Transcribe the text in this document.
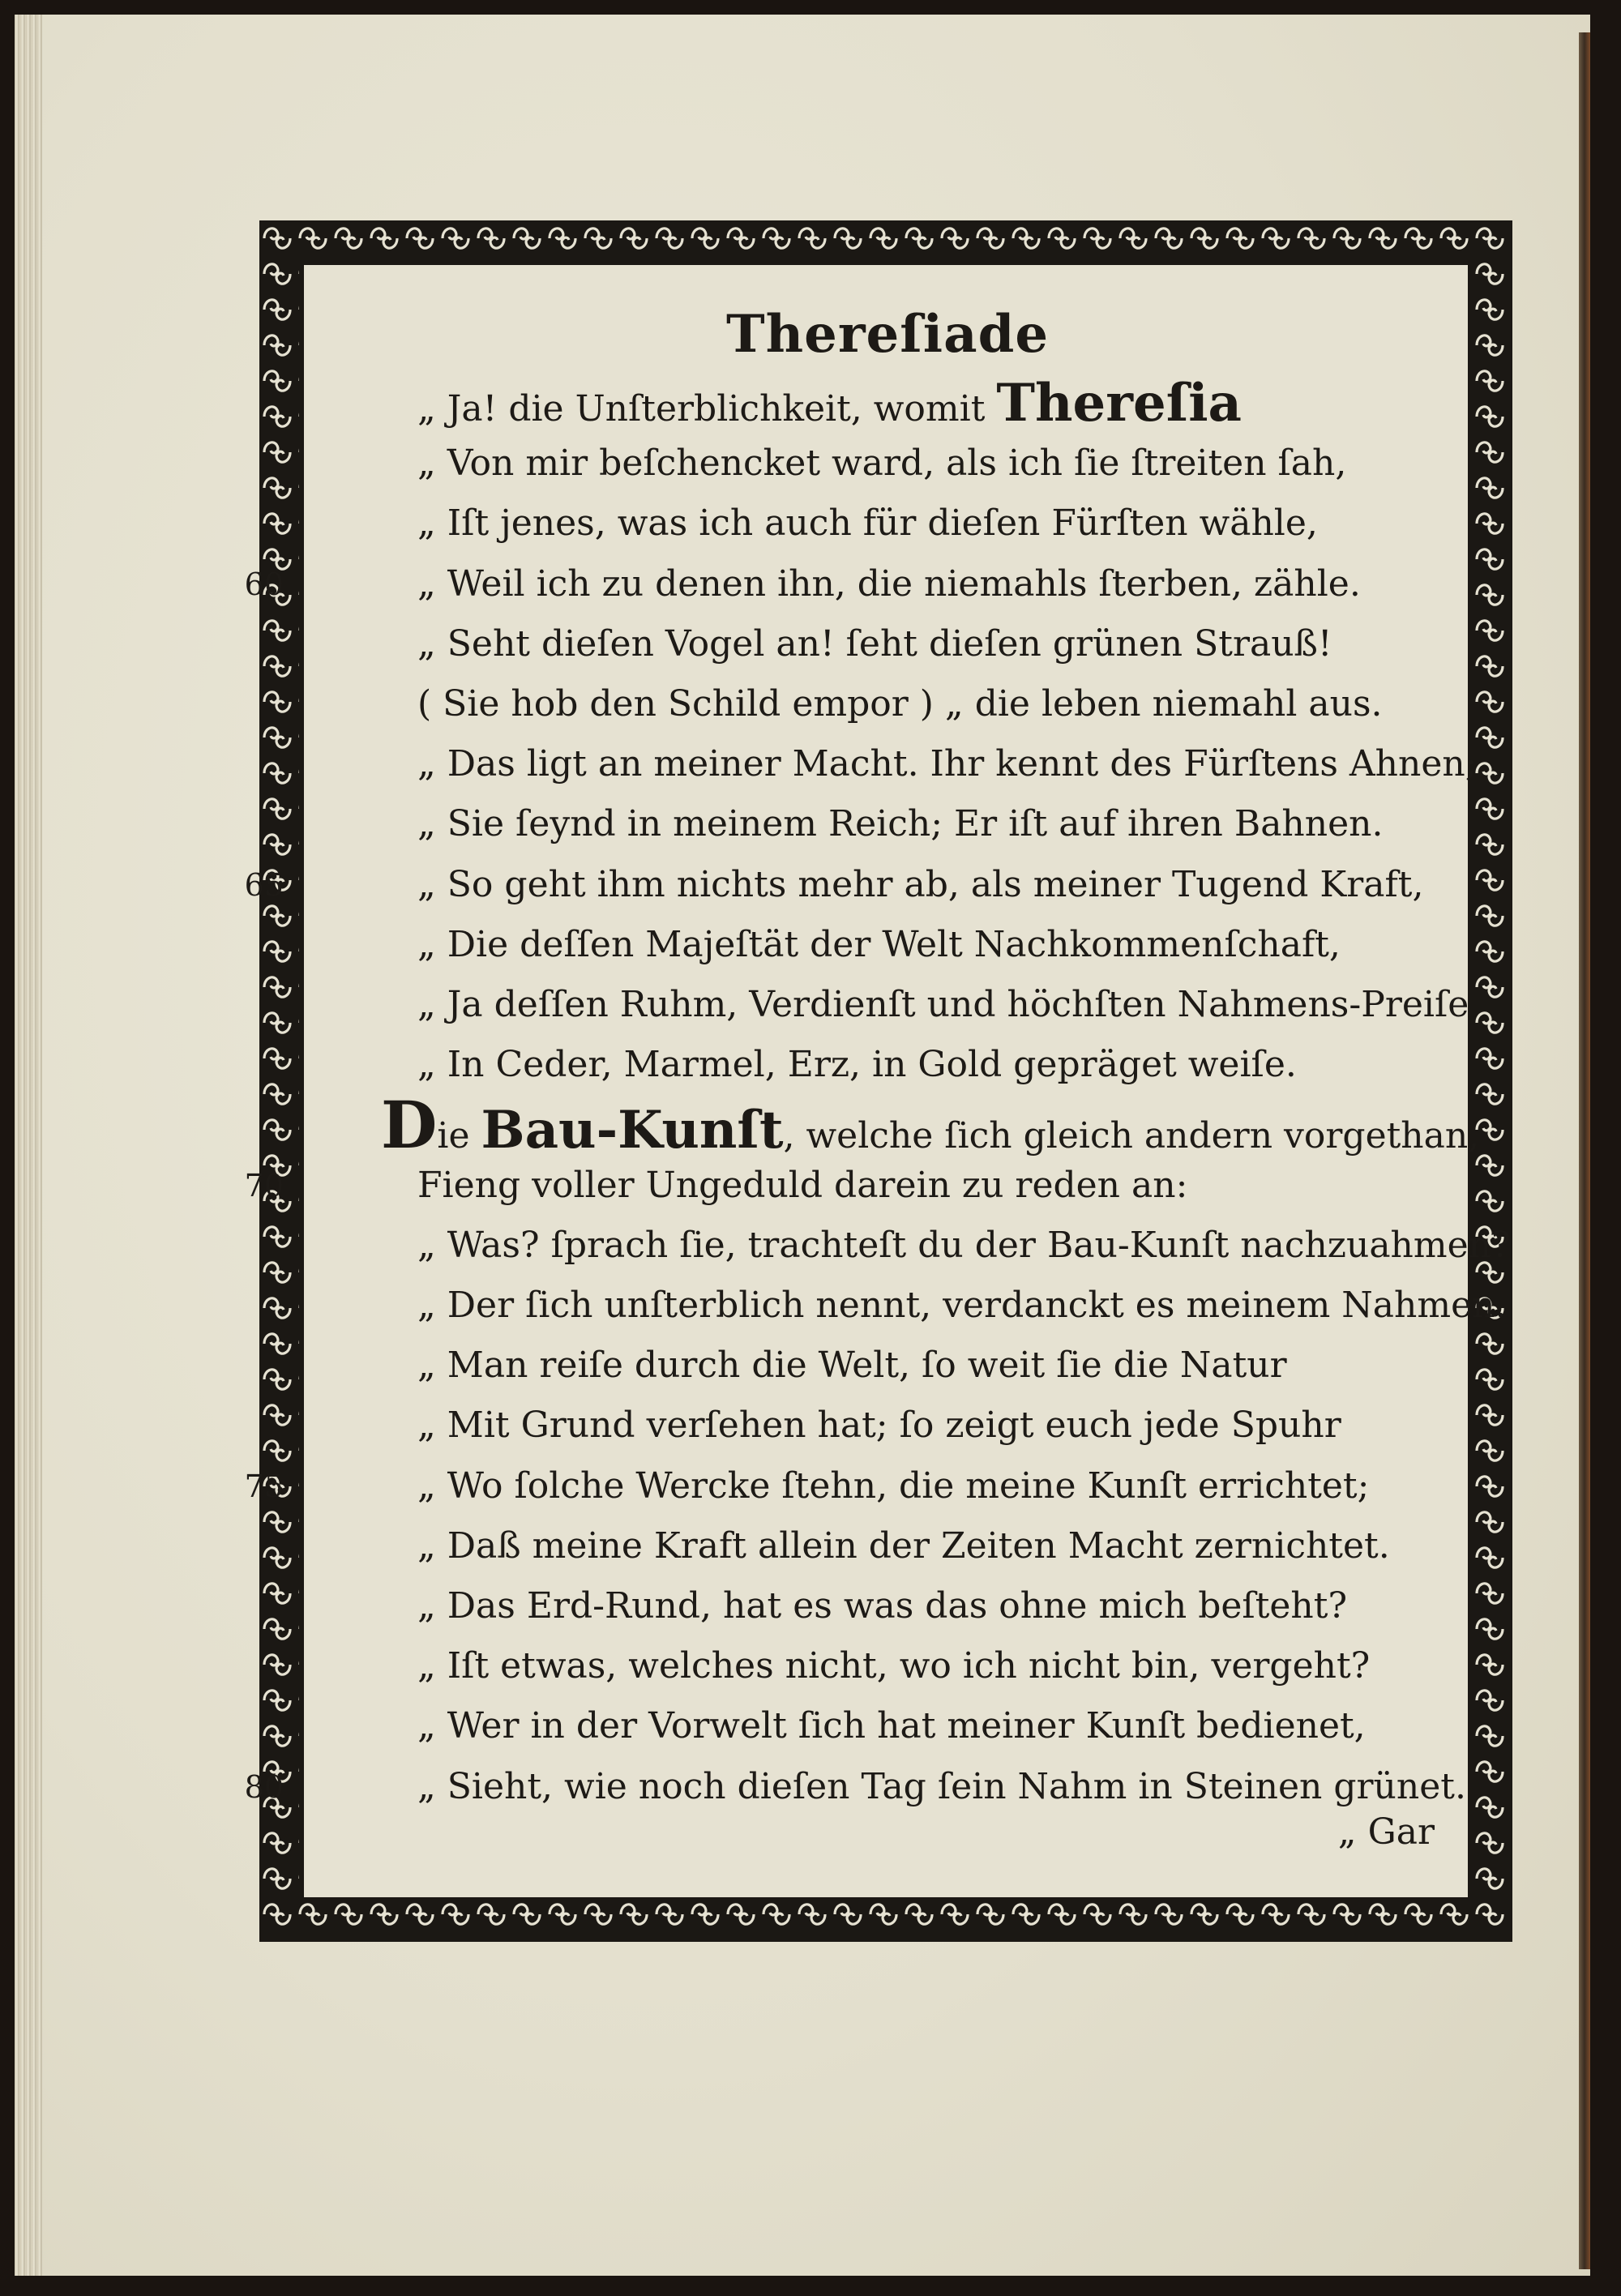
Thereſiade
„ Ja! die Unſterblichkeit, womit Thereſia
„ Von mir beſchencket ward, als ich ſie ſtreiten ſah,
„ Iſt jenes, was ich auch für dieſen Fürſten wähle,
60	„ Weil ich zu denen ihn, die niemahls ſterben, zähle.
„ Seht dieſen Vogel an! ſeht dieſen grünen Strauß!
( Sie hob den Schild empor ) „ die leben niemahl aus.
„ Das ligt an meiner Macht. Ihr kennt des Fürſtens Ahnen;
„ Sie ſeynd in meinem Reich; Er iſt auf ihren Bahnen.
65	„ So geht ihm nichts mehr ab, als meiner Tugend Kraft,
„ Die deſſen Majeſtät der Welt Nachkommenſchaft,
„ Ja deſſen Ruhm, Verdienſt und höchſten Nahmens-Preiſe
„ In Ceder, Marmel, Erz, in Gold gepräget weiſe.
Die Bau-Kunſt, welche ſich gleich andern vorgethan,
70	Fieng voller Ungeduld darein zu reden an:
„ Was? ſprach ſie, trachteſt du der Bau-Kunſt nachzuahmen?
„ Der ſich unſterblich nennt, verdanckt es meinem Nahmen.
„ Man reiſe durch die Welt, ſo weit ſie die Natur
„ Mit Grund verſehen hat; ſo zeigt euch jede Spuhr
75	„ Wo ſolche Wercke ſtehn, die meine Kunſt errichtet;
„ Daß meine Kraft allein der Zeiten Macht zernichtet.
„ Das Erd-Rund, hat es was das ohne mich beſteht?
„ Iſt etwas, welches nicht, wo ich nicht bin, vergeht?
„ Wer in der Vorwelt ſich hat meiner Kunſt bedienet,
80	„ Sieht, wie noch dieſen Tag ſein Nahm in Steinen grünet.
„ Gar
